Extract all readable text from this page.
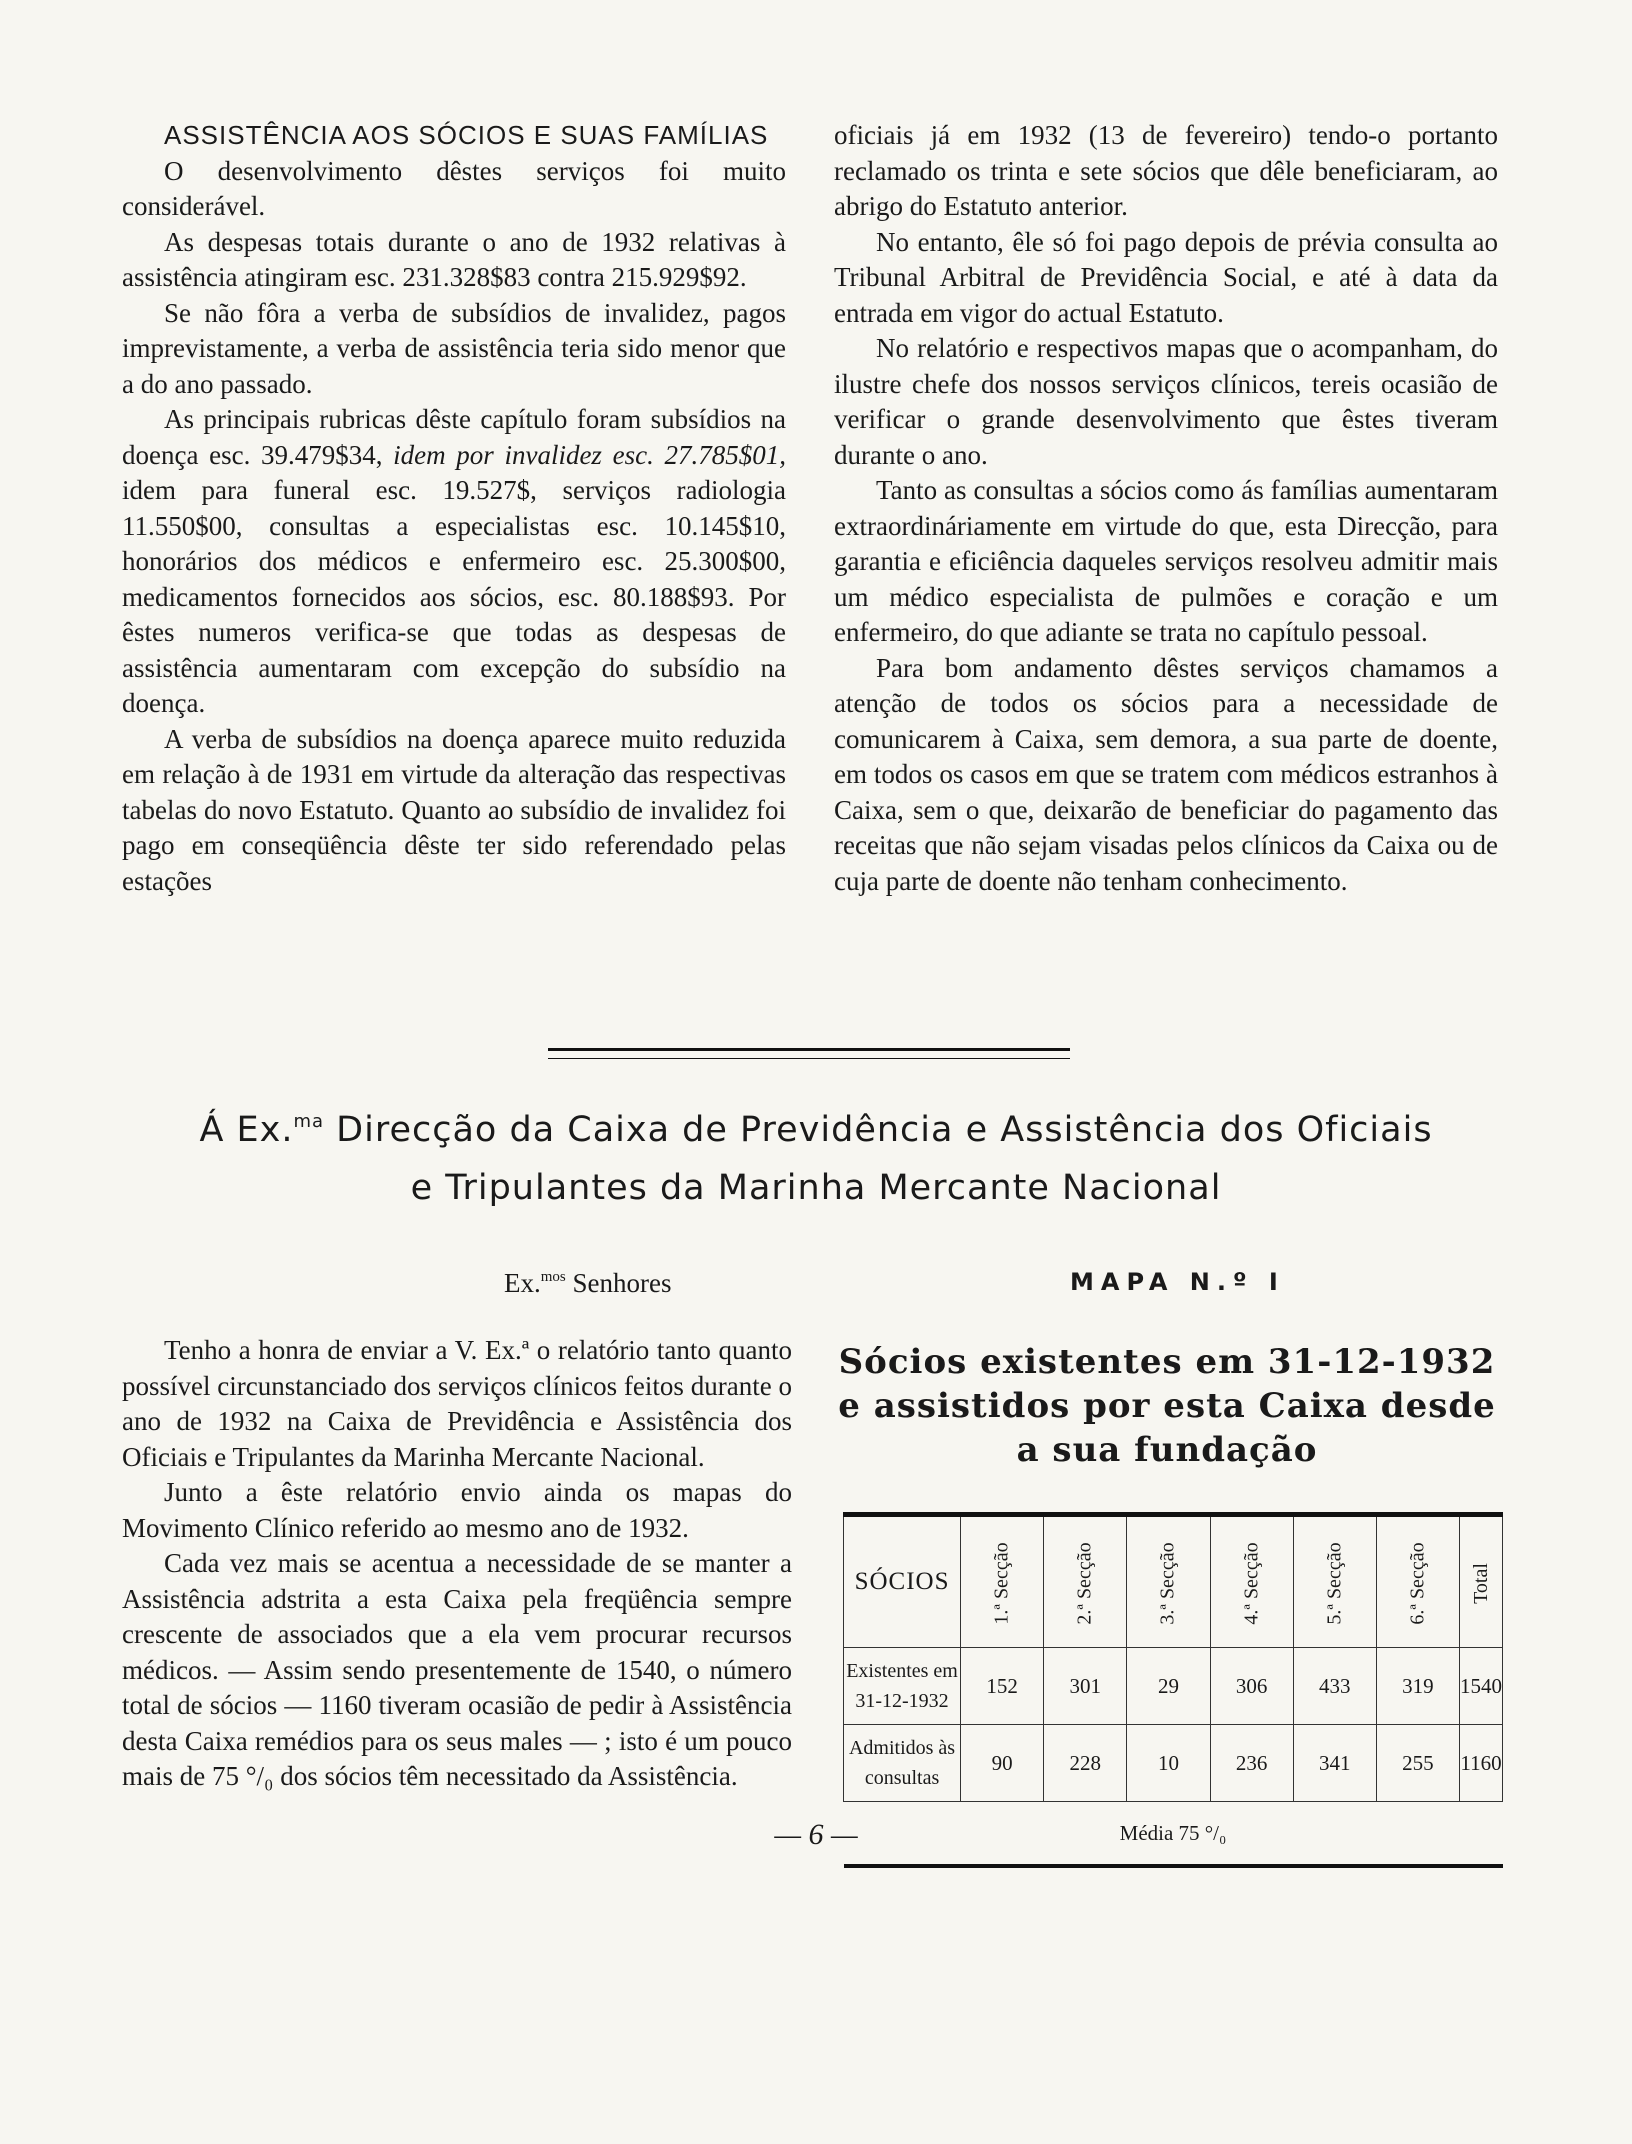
ASSISTÊNCIA AOS SÓCIOS E SUAS FAMÍLIAS

O desenvolvimento dêstes serviços foi muito considerável.

As despesas totais durante o ano de 1932 relativas à assistência atingiram esc. 231.328$83 contra 215.929$92.

Se não fôra a verba de subsídios de invalidez, pagos imprevistamente, a verba de assistência teria sido menor que a do ano passado.

As principais rubricas dêste capítulo foram subsídios na doença esc. 39.479$34, idem por invalidez esc. 27.785$01, idem para funeral esc. 19.527$, serviços radiologia 11.550$00, consultas a especialistas esc. 10.145$10, honorários dos médicos e enfermeiro esc. 25.300$00, medicamentos fornecidos aos sócios, esc. 80.188$93. Por êstes numeros verifica-se que todas as despesas de assistência aumentaram com excepção do subsídio na doença.

A verba de subsídios na doença aparece muito reduzida em relação à de 1931 em virtude da alteração das respectivas tabelas do novo Estatuto. Quanto ao subsídio de invalidez foi pago em conseqüência dêste ter sido referendado pelas estações

oficiais já em 1932 (13 de fevereiro) tendo-o portanto reclamado os trinta e sete sócios que dêle beneficiaram, ao abrigo do Estatuto anterior.

No entanto, êle só foi pago depois de prévia consulta ao Tribunal Arbitral de Previdência Social, e até à data da entrada em vigor do actual Estatuto.

No relatório e respectivos mapas que o acompanham, do ilustre chefe dos nossos serviços clínicos, tereis ocasião de verificar o grande desenvolvimento que êstes tiveram durante o ano.

Tanto as consultas a sócios como ás famílias aumentaram extraordináriamente em virtude do que, esta Direcção, para garantia e eficiência daqueles serviços resolveu admitir mais um médico especialista de pulmões e coração e um enfermeiro, do que adiante se trata no capítulo pessoal.

Para bom andamento dêstes serviços chamamos a atenção de todos os sócios para a necessidade de comunicarem à Caixa, sem demora, a sua parte de doente, em todos os casos em que se tratem com médicos estranhos à Caixa, sem o que, deixarão de beneficiar do pagamento das receitas que não sejam visadas pelos clínicos da Caixa ou de cuja parte de doente não tenham conhecimento.

Á Ex.$^{ma}$ Direcção da Caixa de Previdência e Assistência dos Oficiais
e Tripulantes da Marinha Mercante Nacional
Ex.$^{mos}$ Senhores

Tenho a honra de enviar a V. Ex.ª o relatório tanto quanto possível circunstanciado dos serviços clínicos feitos durante o ano de 1932 na Caixa de Previdência e Assistência dos Oficiais e Tripulantes da Marinha Mercante Nacional.

Junto a êste relatório envio ainda os mapas do Movimento Clínico referido ao mesmo ano de 1932.

Cada vez mais se acentua a necessidade de se manter a Assistência adstrita a esta Caixa pela freqüência sempre crescente de associados que a ela vem procurar recursos médicos. — Assim sendo presentemente de 1540, o número total de sócios — 1160 tiveram ocasião de pedir à Assistência desta Caixa remédios para os seus males — ; isto é um pouco mais de 75 °/₀ dos sócios têm necessitado da Assistência.

MAPA N.º I
Sócios existentes em 31-12-1932 e assistidos por esta Caixa desde a sua fundação
SÓCIOS	1.ª Secção	2.ª Secção	3.ª Secção	4.ª Secção	5.ª Secção	6.ª Secção	Total
Existentes em
31-12-1932	152	301	29	306	433	319	1540
Admitidos às
consultas	90	228	10	236	341	255	1160
Média 75 °/₀							
— 6 —
